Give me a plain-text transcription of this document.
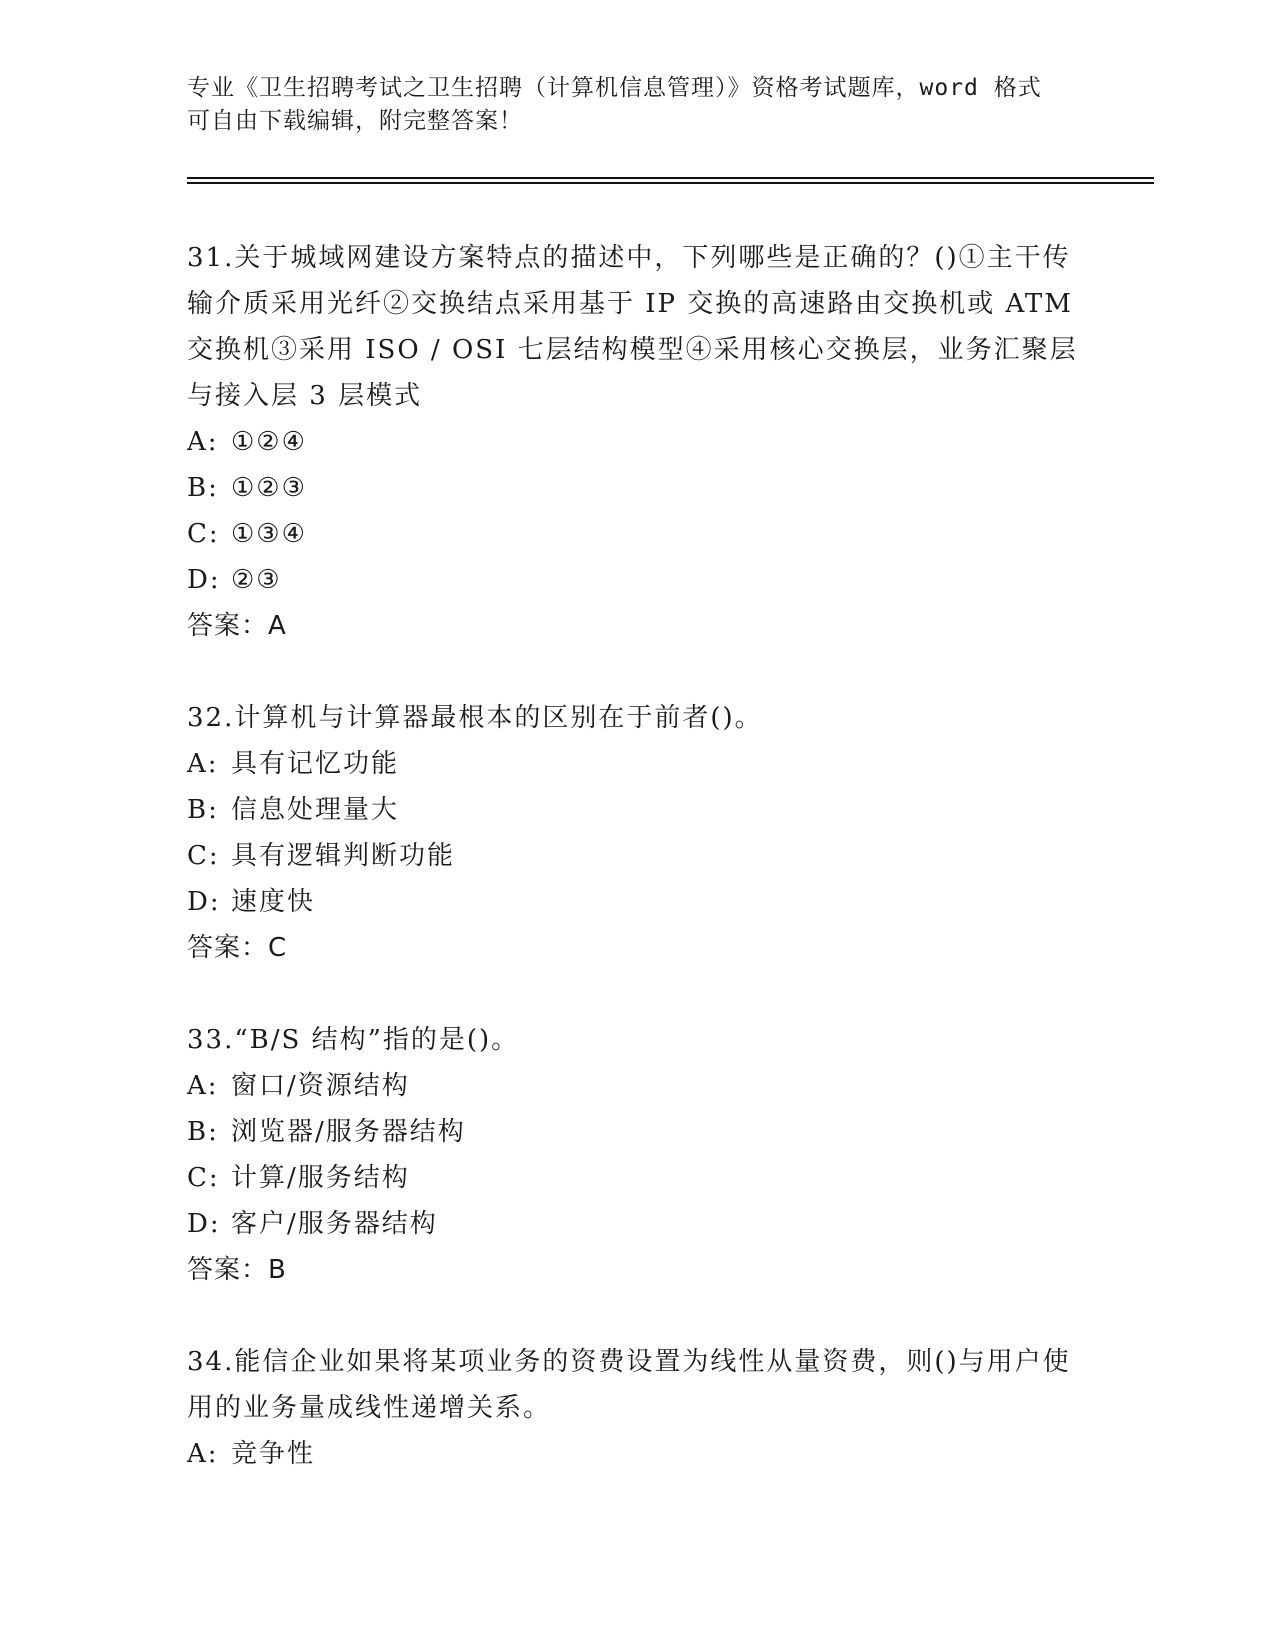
专业《卫生招聘考试之卫生招聘（计算机信息管理）》资格考试题库，word 格式
可自由下载编辑，附完整答案！

31.关于城域网建设方案特点的描述中，下列哪些是正确的？()①主干传输介质采用光纤②交换结点采用基于 IP 交换的高速路由交换机或 ATM 交换机③采用 ISO / OSI 七层结构模型④采用核心交换层，业务汇聚层与接入层 3 层模式

A: ①②④

B: ①②③

C: ①③④

D: ②③

答案：A

32.计算机与计算器最根本的区别在于前者()。

A: 具有记忆功能

B: 信息处理量大

C: 具有逻辑判断功能

D: 速度快

答案：C

33.“B/S 结构”指的是()。

A: 窗口/资源结构

B: 浏览器/服务器结构

C: 计算/服务结构

D: 客户/服务器结构

答案：B

34.能信企业如果将某项业务的资费设置为线性从量资费，则()与用户使用的业务量成线性递增关系。

A: 竞争性
